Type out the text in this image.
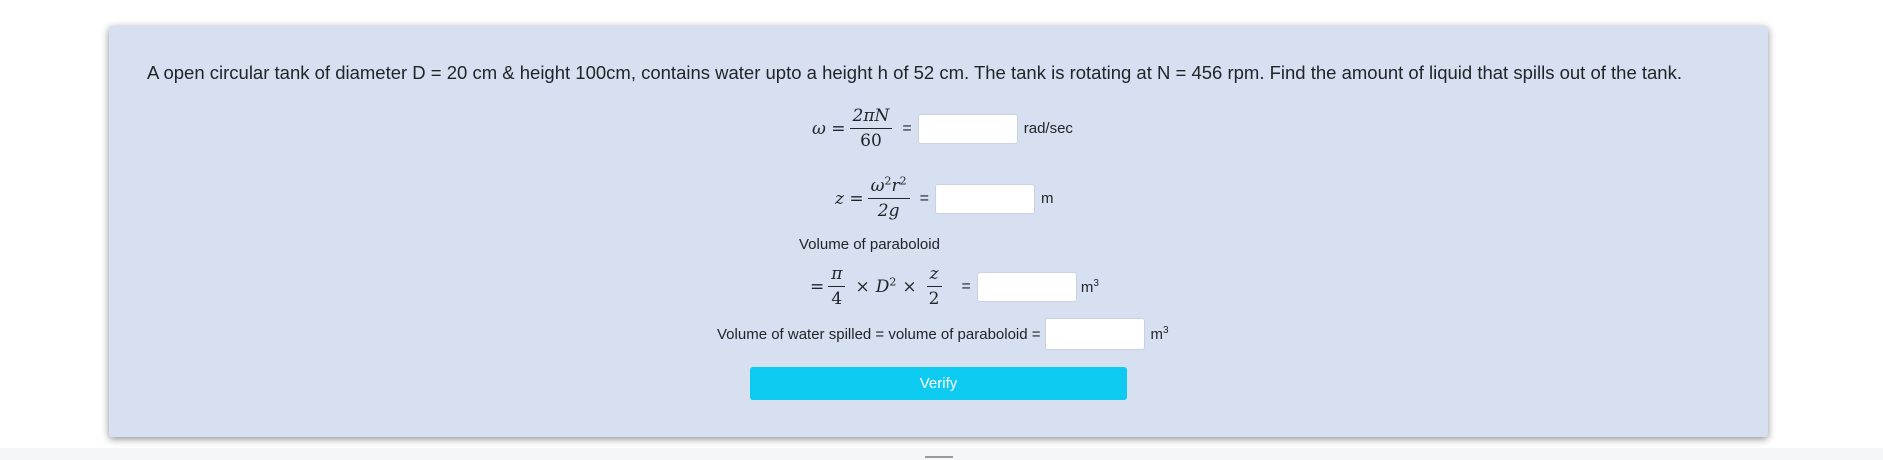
A open circular tank of diameter D = 20 cm & height 100cm, contains water upto a height h of 52 cm. The tank is rotating at N = 456 rpm. Find the amount of liquid that spills out of the tank.
$\omega = \frac{2\pi N}{60}$ =	rad/sec
$z = \frac{\omega^2r^2}{2g}$ =	m
Volume of paraboloid
= $\frac{\pi}{4} \times D^2 \times \frac{z}{2}$ =	$m^3$
Volume of water spilled = volume of paraboloid =	$m^3$
Verify
